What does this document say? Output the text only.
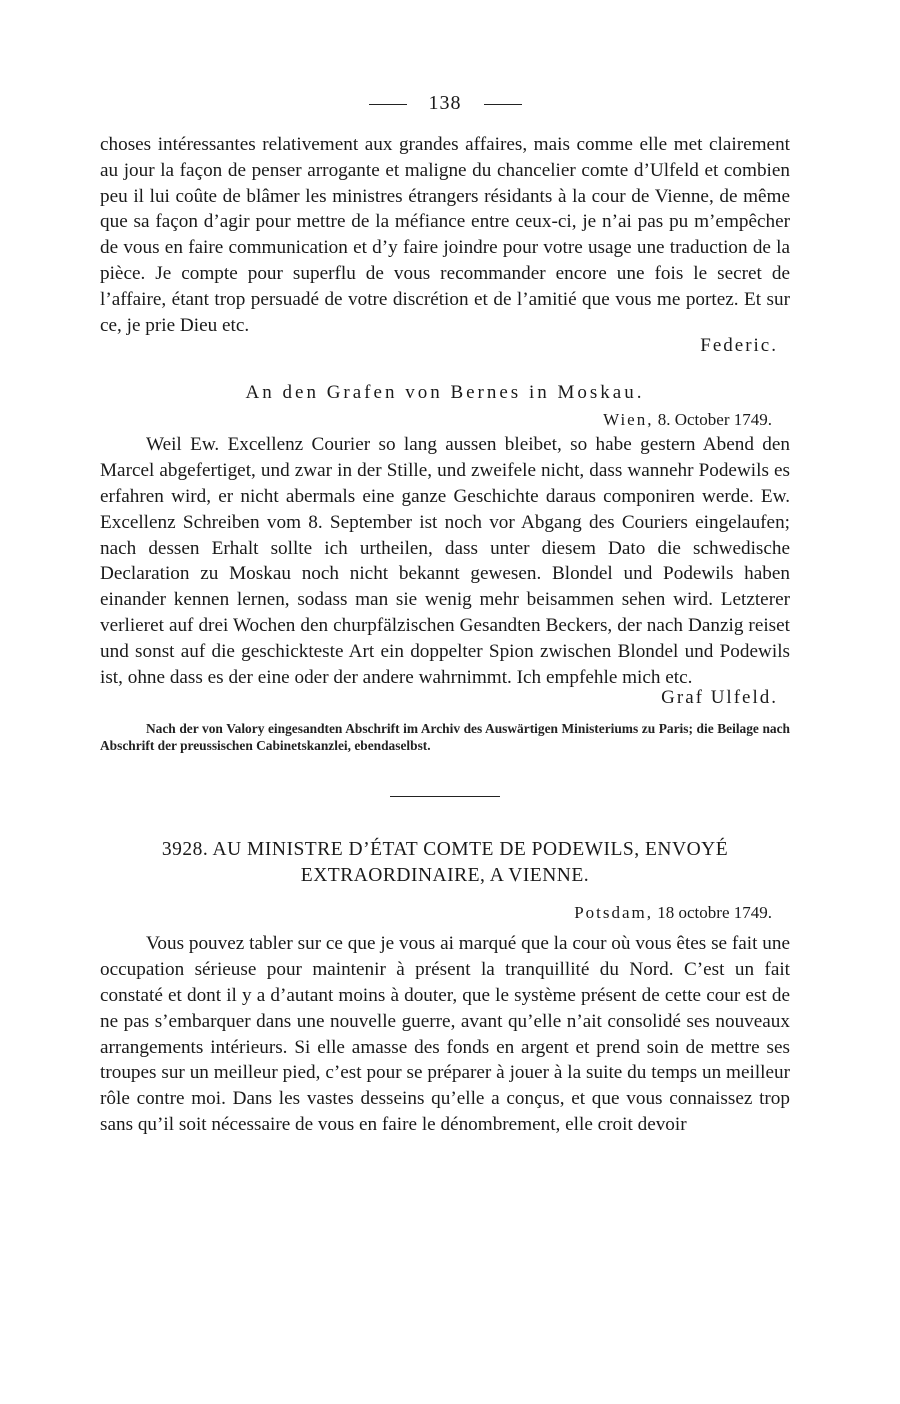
138

choses intéressantes relativement aux grandes affaires, mais comme elle met clairement au jour la façon de penser arrogante et maligne du chancelier comte d’Ulfeld et combien peu il lui coûte de blâmer les ministres étrangers résidants à la cour de Vienne, de même que sa façon d’agir pour mettre de la méfiance entre ceux-ci, je n’ai pas pu m’empêcher de vous en faire communication et d’y faire joindre pour votre usage une traduction de la pièce. Je compte pour superflu de vous recommander encore une fois le secret de l’affaire, étant trop persuadé de votre discrétion et de l’amitié que vous me portez. Et sur ce, je prie Dieu etc.

Federic.
An den Grafen von Bernes in Moskau.
Wien, 8. October 1749.

Weil Ew. Excellenz Courier so lang aussen bleibet, so habe gestern Abend den Marcel abgefertiget, und zwar in der Stille, und zweifele nicht, dass wannehr Podewils es erfahren wird, er nicht abermals eine ganze Geschichte daraus componiren werde. Ew. Excellenz Schreiben vom 8. September ist noch vor Abgang des Couriers eingelaufen; nach dessen Erhalt sollte ich urtheilen, dass unter diesem Dato die schwedische Declaration zu Moskau noch nicht bekannt gewesen. Blondel und Podewils haben einander kennen lernen, sodass man sie wenig mehr beisammen sehen wird. Letzterer verlieret auf drei Wochen den churpfälzischen Gesandten Beckers, der nach Danzig reiset und sonst auf die geschickteste Art ein doppelter Spion zwischen Blondel und Podewils ist, ohne dass es der eine oder der andere wahrnimmt. Ich empfehle mich etc.

Graf Ulfeld.
Nach der von Valory eingesandten Abschrift im Archiv des Auswärtigen Ministeriums zu Paris; die Beilage nach Abschrift der preussischen Cabinetskanzlei, ebendaselbst.
3928. AU MINISTRE D’ÉTAT COMTE DE PODEWILS, ENVOYÉ
EXTRAORDINAIRE, A VIENNE.
Potsdam, 18 octobre 1749.

Vous pouvez tabler sur ce que je vous ai marqué que la cour où vous êtes se fait une occupation sérieuse pour maintenir à présent la tranquillité du Nord. C’est un fait constaté et dont il y a d’autant moins à douter, que le système présent de cette cour est de ne pas s’embarquer dans une nouvelle guerre, avant qu’elle n’ait consolidé ses nouveaux arrangements intérieurs. Si elle amasse des fonds en argent et prend soin de mettre ses troupes sur un meilleur pied, c’est pour se préparer à jouer à la suite du temps un meilleur rôle contre moi. Dans les vastes desseins qu’elle a conçus, et que vous connaissez trop sans qu’il soit nécessaire de vous en faire le dénombrement, elle croit devoir
